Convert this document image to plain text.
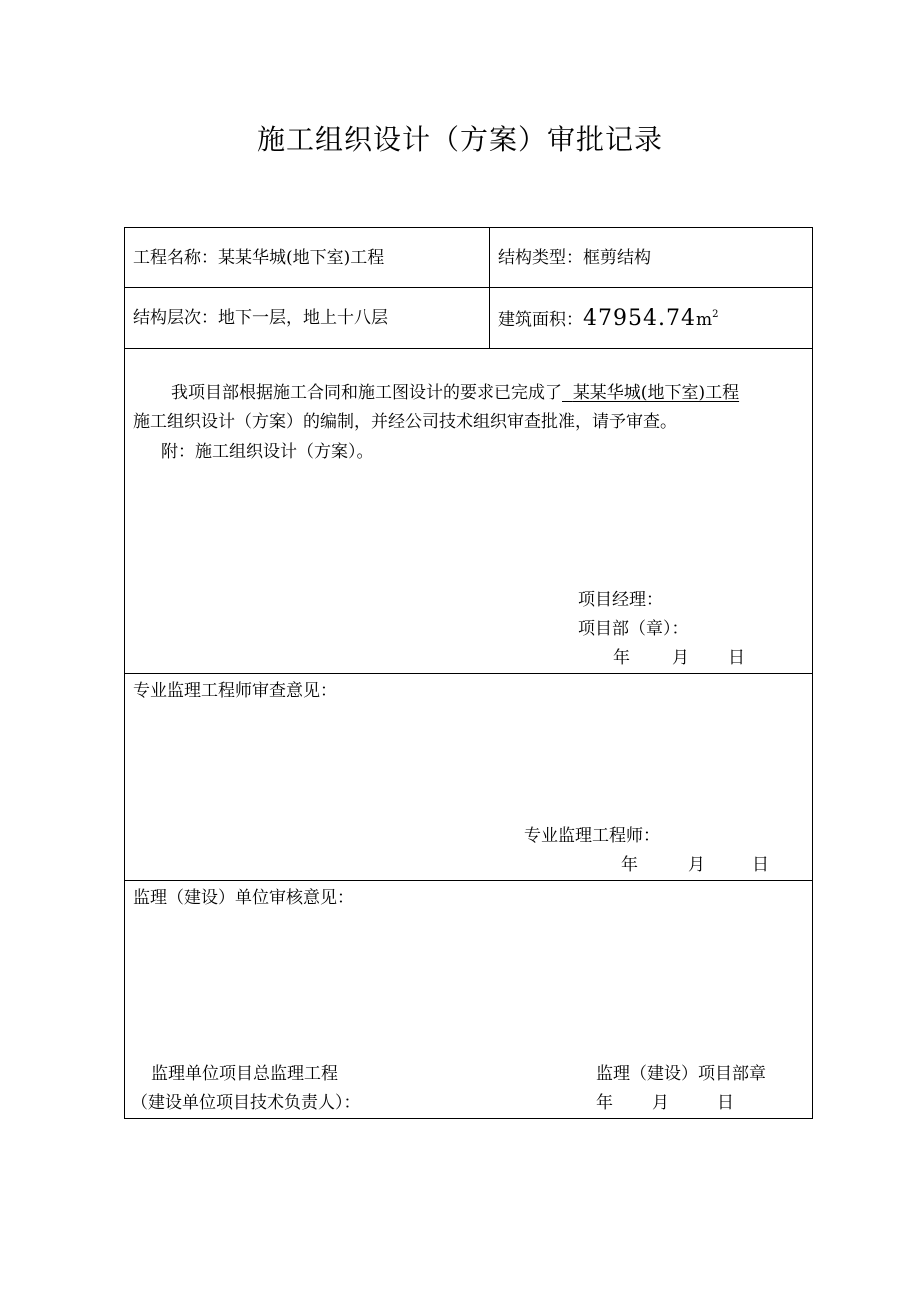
施工组织设计（方案）审批记录
工程名称：某某华城(地下室)工程	结构类型：框剪结构
结构层次：地下一层，地上十八层	建筑面积：$47954.74m^2$
我项目部根据施工合同和施工图设计的要求已完成了 某某华城(地下室)工程
施工组织设计（方案）的编制，并经公司技术组织审查批准，请予审查。
附：施工组织设计（方案）。
项目经理：
项目部（章）：
年 月 日
专业监理工程师审查意见：
专业监理工程师：
年	月	日
监理（建设）单位审核意见：
监理单位项目总监理工程
（建设单位项目技术负责人）：
监理（建设）项目部章
年 月	日
